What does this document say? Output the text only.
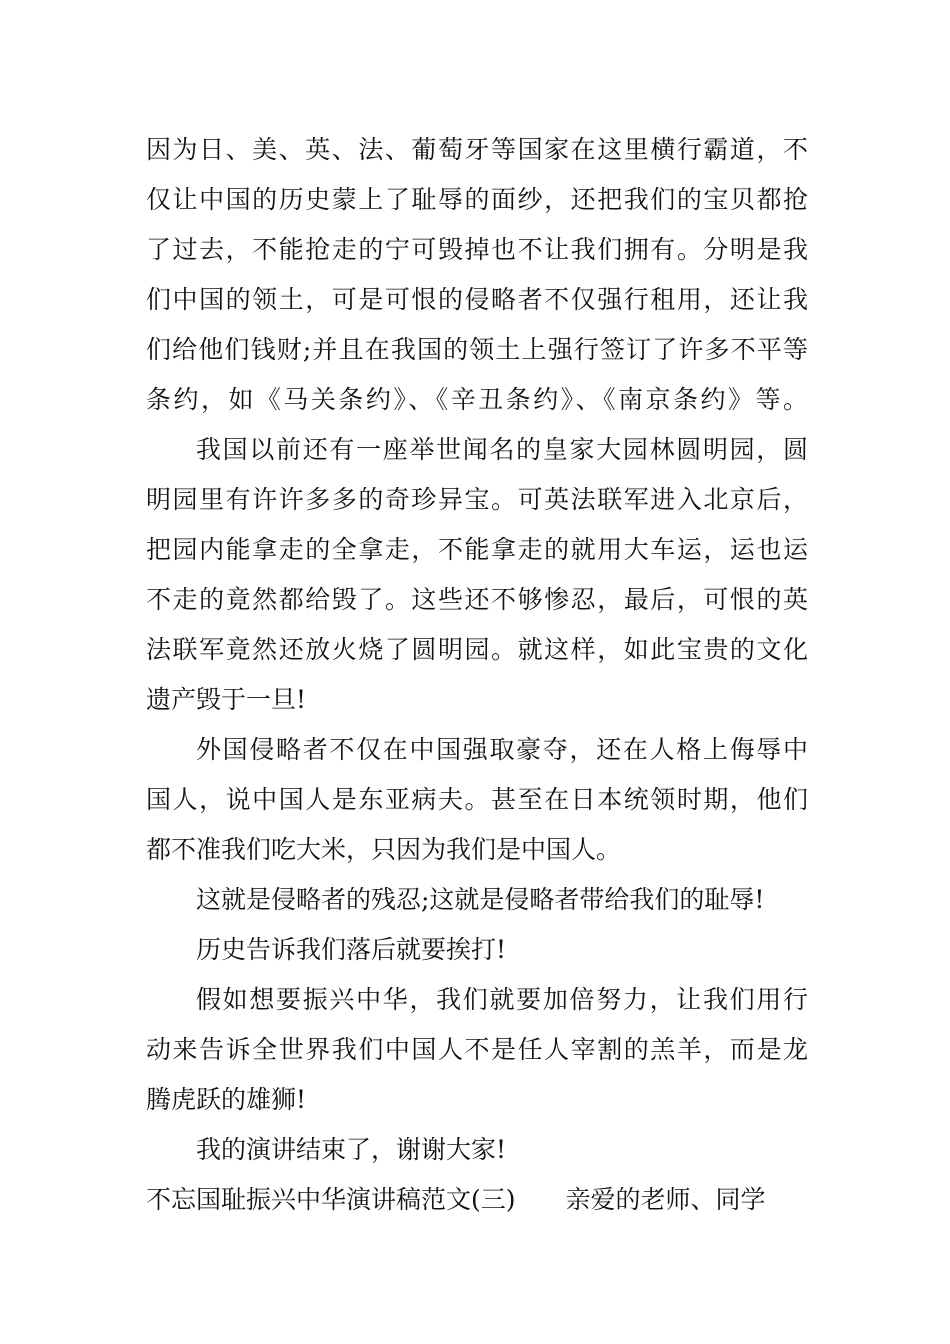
因为日、美、英、法、葡萄牙等国家在这里横行霸道，不
仅让中国的历史蒙上了耻辱的面纱，还把我们的宝贝都抢
了过去，不能抢走的宁可毁掉也不让我们拥有。分明是我
们中国的领土，可是可恨的侵略者不仅强行租用，还让我
们给他们钱财;并且在我国的领土上强行签订了许多不平等
条约，如《马关条约》、《辛丑条约》、《南京条约》等。
我国以前还有一座举世闻名的皇家大园林圆明园，圆
明园里有许许多多的奇珍异宝。可英法联军进入北京后，
把园内能拿走的全拿走，不能拿走的就用大车运，运也运
不走的竟然都给毁了。这些还不够惨忍，最后，可恨的英
法联军竟然还放火烧了圆明园。就这样，如此宝贵的文化
遗产毁于一旦!
外国侵略者不仅在中国强取豪夺，还在人格上侮辱中
国人，说中国人是东亚病夫。甚至在日本统领时期，他们
都不准我们吃大米，只因为我们是中国人。
这就是侵略者的残忍;这就是侵略者带给我们的耻辱!
历史告诉我们落后就要挨打!
假如想要振兴中华，我们就要加倍努力，让我们用行
动来告诉全世界我们中国人不是任人宰割的羔羊，而是龙
腾虎跃的雄狮!
我的演讲结束了，谢谢大家!
不忘国耻振兴中华演讲稿范文(三)　　亲爱的老师、同学
